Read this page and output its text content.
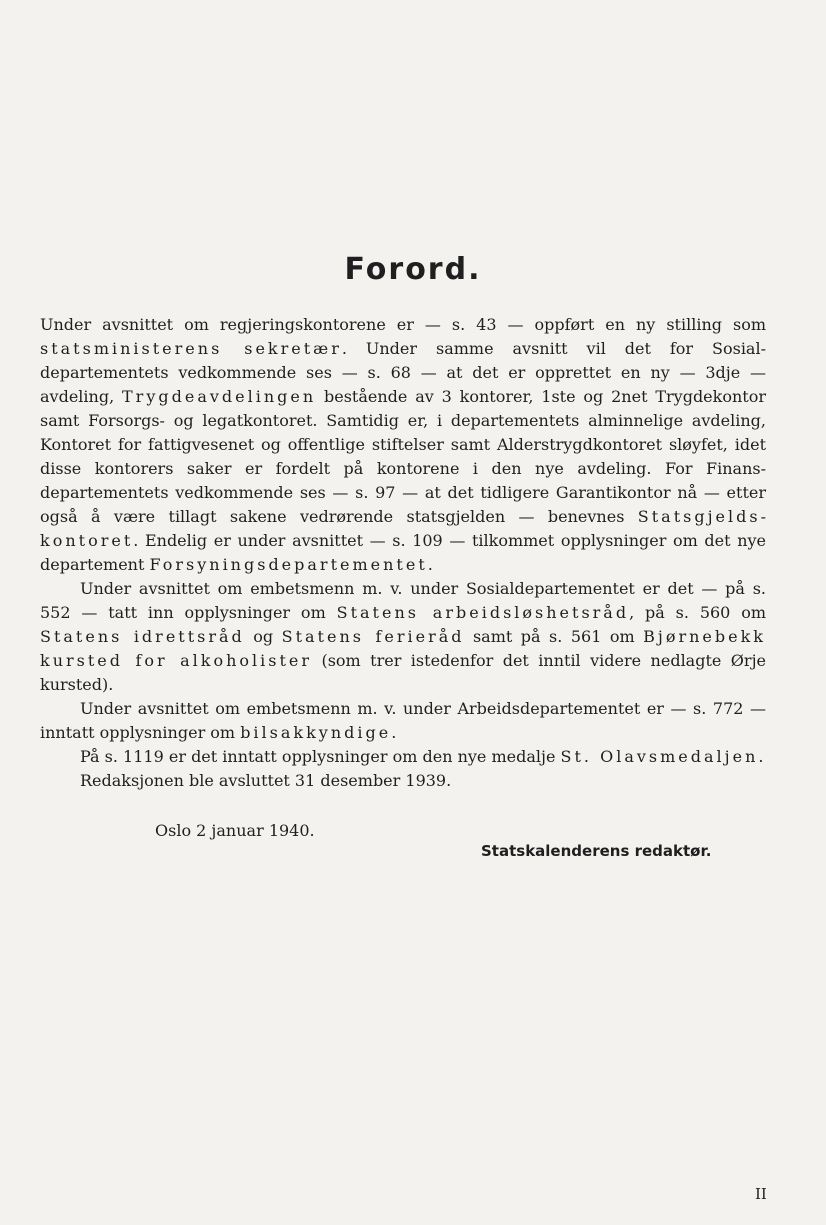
Forord.

Under avsnittet om regjeringskontorene er — s. 43 — oppført en ny stilling som statsministerens sekretær. Under samme avsnitt vil det for Sosialdepartementets vedkommende ses — s. 68 — at det er opprettet en ny — 3dje — avdeling, Trygdeavdelingen bestående av 3 kontorer, 1ste og 2net Trygdekontor samt Forsorgs- og legatkontoret. Samtidig er, i departementets alminnelige avdeling, Kontoret for fattigvesenet og offentlige stiftelser samt Alderstrygdkontoret sløyfet, idet disse kontorers saker er fordelt på kontorene i den nye avdeling. For Finansdepartementets vedkommende ses — s. 97 — at det tidligere Garantikontor nå — etter også å være tillagt sakene vedrørende statsgjelden — benevnes Statsgjeldskontoret. Endelig er under avsnittet — s. 109 — tilkommet opplysninger om det nye departement Forsyningsdepartementet.

Under avsnittet om embetsmenn m. v. under Sosialdepartementet er det — på s. 552 — tatt inn opplysninger om Statens arbeidsløshetsråd, på s. 560 om Statens idrettsråd og Statens ferieråd samt på s. 561 om Bjørnebekk kursted for alkoholister (som trer istedenfor det inntil videre nedlagte Ørje kursted).

Under avsnittet om embetsmenn m. v. under Arbeidsdepartementet er — s. 772 — inntatt opplysninger om bilsakkyndige.

På s. 1119 er det inntatt opplysninger om den nye medalje St. Olavsmedaljen.

Redaksjonen ble avsluttet 31 desember 1939.

Oslo 2 januar 1940.

Statskalenderens redaktør.

II
